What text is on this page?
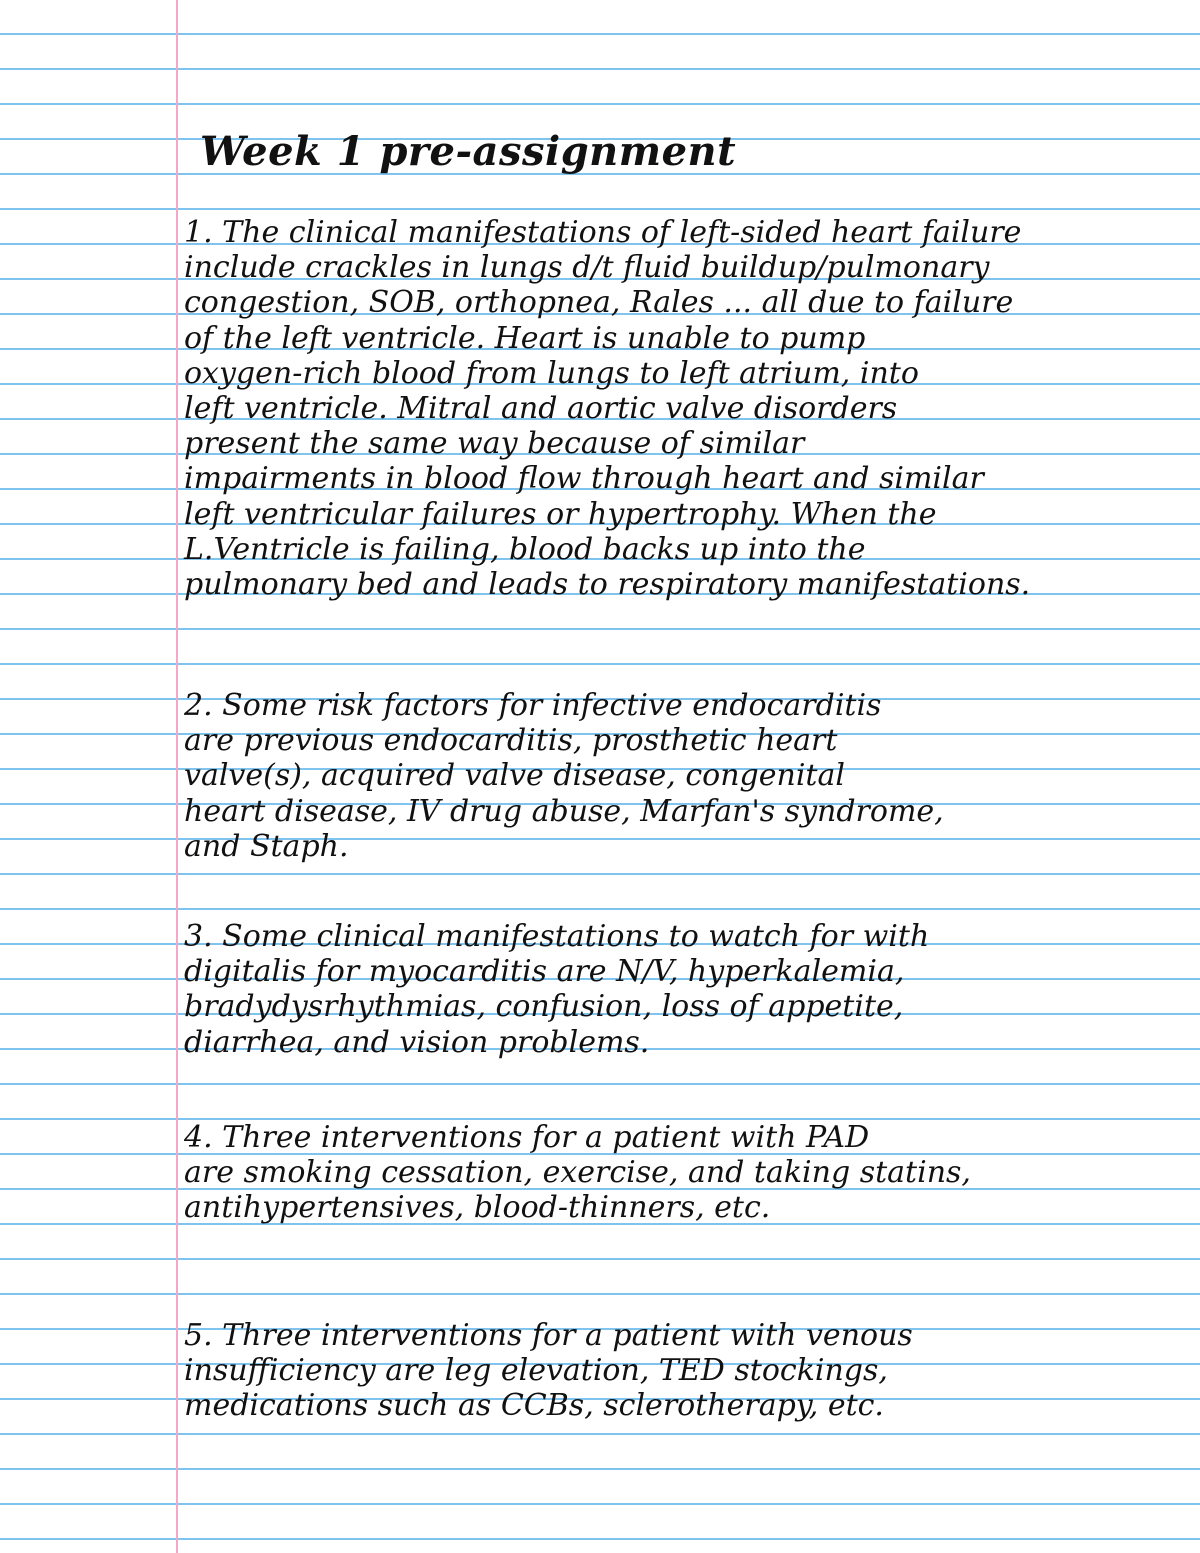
Week 1 pre-assignment
1. The clinical manifestations of left-sided heart failure
include crackles in lungs d/t fluid buildup/pulmonary
congestion, SOB, orthopnea, Rales ... all due to failure
of the left ventricle. Heart is unable to pump
oxygen-rich blood from lungs to left atrium, into
left ventricle. Mitral and aortic valve disorders
present the same way because of similar
impairments in blood flow through heart and similar
left ventricular failures or hypertrophy. When the
L.Ventricle is failing, blood backs up into the
pulmonary bed and leads to respiratory manifestations.
2. Some risk factors for infective endocarditis
are previous endocarditis, prosthetic heart
valve(s), acquired valve disease, congenital
heart disease, IV drug abuse, Marfan's syndrome,
and Staph.
3. Some clinical manifestations to watch for with
digitalis for myocarditis are N/V, hyperkalemia,
bradydysrhythmias, confusion, loss of appetite,
diarrhea, and vision problems.
4. Three interventions for a patient with PAD
are smoking cessation, exercise, and taking statins,
antihypertensives, blood-thinners, etc.
5. Three interventions for a patient with venous
insufficiency are leg elevation, TED stockings,
medications such as CCBs, sclerotherapy, etc.
